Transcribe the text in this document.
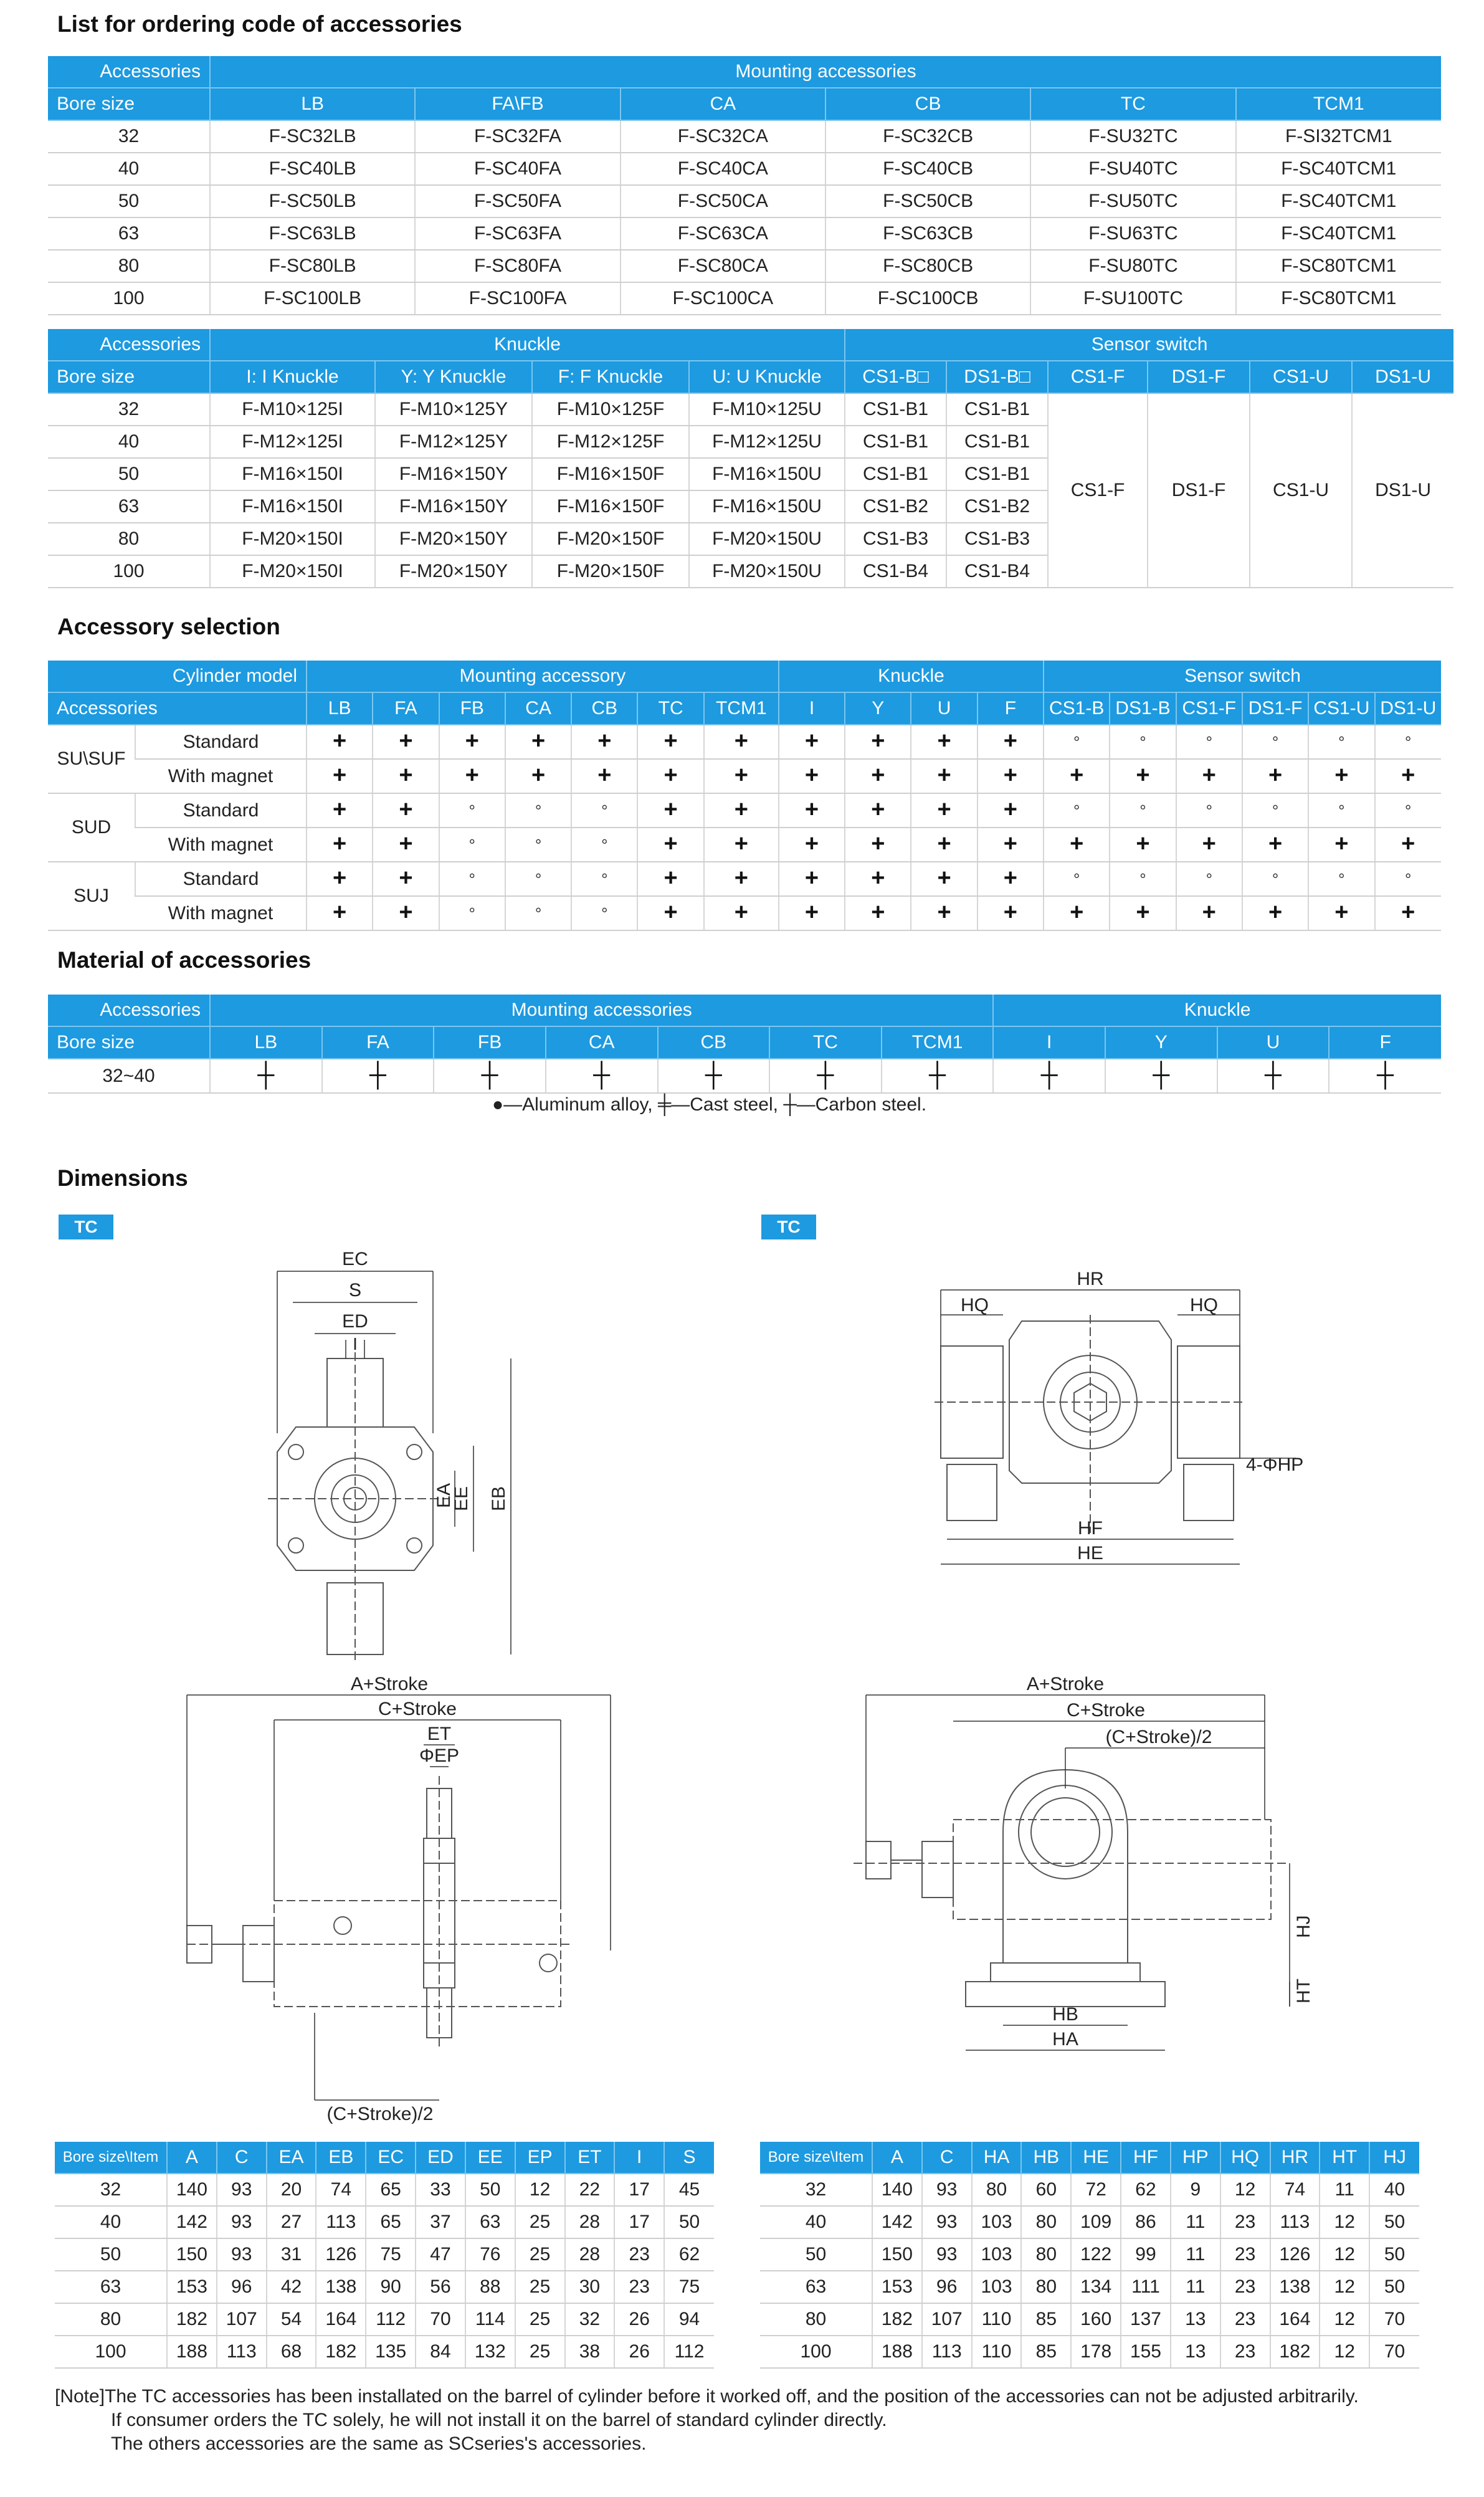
List for ordering code of accessories
Accessory selection
Material of accessories
Dimensions
Accessories	Mounting accessories					
Bore size	LB	FA\FB	CA	CB	TC	TCM1
32	F-SC32LB	F-SC32FA	F-SC32CA	F-SC32CB	F-SU32TC	F-SI32TCM1
40	F-SC40LB	F-SC40FA	F-SC40CA	F-SC40CB	F-SU40TC	F-SC40TCM1
50	F-SC50LB	F-SC50FA	F-SC50CA	F-SC50CB	F-SU50TC	F-SC40TCM1
63	F-SC63LB	F-SC63FA	F-SC63CA	F-SC63CB	F-SU63TC	F-SC40TCM1
80	F-SC80LB	F-SC80FA	F-SC80CA	F-SC80CB	F-SU80TC	F-SC80TCM1
100	F-SC100LB	F-SC100FA	F-SC100CA	F-SC100CB	F-SU100TC	F-SC80TCM1
Accessories	Knuckle				Sensor switch					
Bore size	I: I Knuckle	Y: Y Knuckle	F: F Knuckle	U: U Knuckle	CS1-B□	DS1-B□	CS1-F	DS1-F	CS1-U	DS1-U
32	F-M10×125I	F-M10×125Y	F-M10×125F	F-M10×125U	CS1-B1	CS1-B1	CS1-F	DS1-F	CS1-U	DS1-U
40	F-M12×125I	F-M12×125Y	F-M12×125F	F-M12×125U	CS1-B1	CS1-B1				
50	F-M16×150I	F-M16×150Y	F-M16×150F	F-M16×150U	CS1-B1	CS1-B1				
63	F-M16×150I	F-M16×150Y	F-M16×150F	F-M16×150U	CS1-B2	CS1-B2				
80	F-M20×150I	F-M20×150Y	F-M20×150F	F-M20×150U	CS1-B3	CS1-B3				
100	F-M20×150I	F-M20×150Y	F-M20×150F	F-M20×150U	CS1-B4	CS1-B4				
Cylinder model		Mounting accessory							Knuckle				Sensor switch					
Accessories		LB	FA	FB	CA	CB	TC	TCM1	I	Y	U	F	CS1-B	DS1-B	CS1-F	DS1-F	CS1-U	DS1-U
SU\SUF	Standard	+	+	+	+	+	+	+	+	+	+	+	°	°	°	°	°	°
	With magnet	+	+	+	+	+	+	+	+	+	+	+	+	+	+	+	+	+
SUD	Standard	+	+	°	°	°	+	+	+	+	+	+	°	°	°	°	°	°
	With magnet	+	+	°	°	°	+	+	+	+	+	+	+	+	+	+	+	+
SUJ	Standard	+	+	°	°	°	+	+	+	+	+	+	°	°	°	°	°	°
	With magnet	+	+	°	°	°	+	+	+	+	+	+	+	+	+	+	+	+
Accessories	Mounting accessories							Knuckle			
Bore size	LB	FA	FB	CA	CB	TC	TCM1	I	Y	U	F
32~40	┼	┼	┼	┼	┼	┼	┼	┼	┼	┼	┼
●—Aluminum alloy, ╪—Cast steel, ┼—Carbon steel.
TC	TC
EC
S
ED
I
EA
EE EB
HR
HQ	HQ
4-ΦHP
HF
HE
A+Stroke
C+Stroke
ET
ΦEP
(C+Stroke)/2
A+Stroke
C+Stroke
(C+Stroke)/2
HJ
HT
HB
HA
Bore size\Item	A	C	EA	EB	EC	ED	EE	EP	ET	I	S
32	140	93	20	74	65	33	50	12	22	17	45
40	142	93	27	113	65	37	63	25	28	17	50
50	150	93	31	126	75	47	76	25	28	23	62
63	153	96	42	138	90	56	88	25	30	23	75
80	182	107	54	164	112	70	114	25	32	26	94
100	188	113	68	182	135	84	132	25	38	26	112
Bore size\Item	A	C	HA	HB	HE	HF	HP	HQ	HR	HT	HJ
32	140	93	80	60	72	62	9	12	74	11	40
40	142	93	103	80	109	86	11	23	113	12	50
50	150	93	103	80	122	99	11	23	126	12	50
63	153	96	103	80	134	111	11	23	138	12	50
80	182	107	110	85	160	137	13	23	164	12	70
100	188	113	110	85	178	155	13	23	182	12	70
[Note]The TC accessories has been installated on the barrel of cylinder before it worked off, and the position of the accessories can not be adjusted arbitrarily.
If consumer orders the TC solely, he will not install it on the barrel of standard cylinder directly.
The others accessories are the same as SCseries's accessories.
